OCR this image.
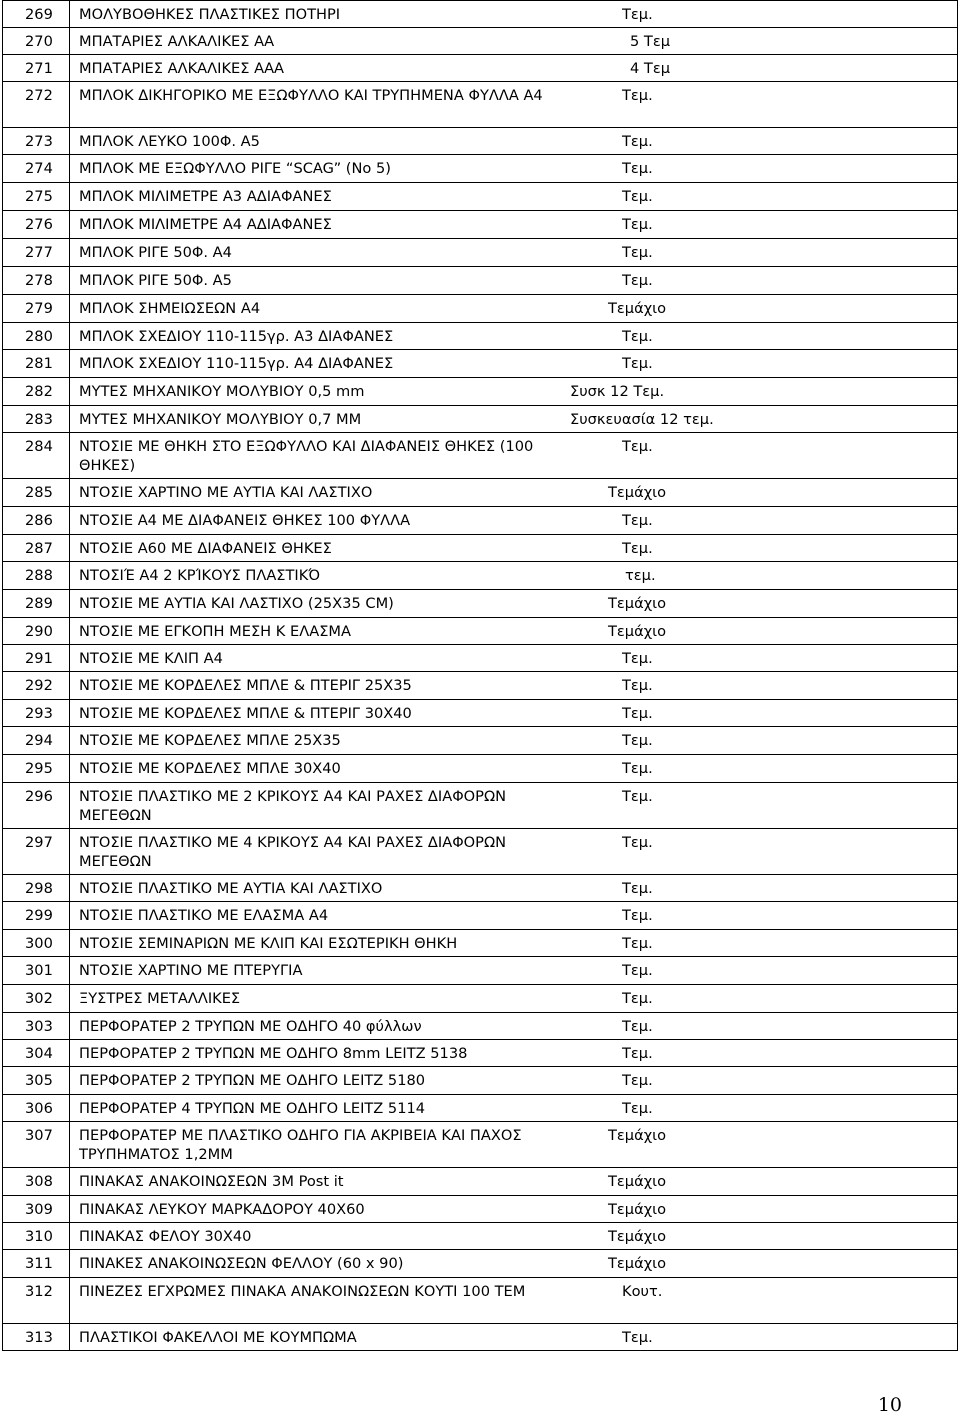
269	ΜΟΛΥΒΟΘΗΚΕΣ ΠΛΑΣΤΙΚΕΣ ΠΟΤΗΡΙ Τεμ.

270	ΜΠΑΤΑΡΙΕΣ ΑΛΚΑΛΙΚΕΣ ΑΑ 5 Τεμ

271	ΜΠΑΤΑΡΙΕΣ ΑΛΚΑΛΙΚΕΣ ΑΑΑ 4 Τεμ

272	ΜΠΛΟΚ ΔΙΚΗΓΟΡΙΚΟ ΜΕ ΕΞΩΦΥΛΛΟ ΚΑΙ ΤΡΥΠΗΜΕΝΑ ΦΥΛΛΑ Α4 Τεμ.

273	ΜΠΛΟΚ ΛΕΥΚΟ 100Φ. Α5 Τεμ.

274	ΜΠΛΟΚ ΜΕ ΕΞΩΦΥΛΛΟ ΡΙΓΕ “SCAG” (Νο 5) Τεμ.

275	ΜΠΛΟΚ ΜΙΛΙΜΕΤΡΕ Α3 ΑΔΙΑΦΑΝΕΣ Τεμ.

276	ΜΠΛΟΚ ΜΙΛΙΜΕΤΡΕ Α4 ΑΔΙΑΦΑΝΕΣ Τεμ.

277	ΜΠΛΟΚ ΡΙΓΕ 50Φ. Α4 Τεμ.

278	ΜΠΛΟΚ ΡΙΓΕ 50Φ. Α5 Τεμ.

279	ΜΠΛΟΚ ΣΗΜΕΙΩΣΕΩΝ Α4 Τεμάχιο

280	ΜΠΛΟΚ ΣΧΕΔΙΟΥ 110-115γρ. Α3 ΔΙΑΦΑΝΕΣ Τεμ.

281	ΜΠΛΟΚ ΣΧΕΔΙΟΥ 110-115γρ. Α4 ΔΙΑΦΑΝΕΣ Τεμ.

282	ΜΥΤΕΣ ΜΗΧΑΝΙΚΟΥ ΜΟΛΥΒΙΟΥ 0,5 mm Συσκ 12 Τεμ.

283	ΜΥΤΕΣ ΜΗΧΑΝΙΚΟΥ ΜΟΛΥΒΙΟΥ 0,7 ΜΜ Συσκευασία 12 τεμ.

284	ΝΤΟΣΙΕ ΜΕ ΘΗΚΗ ΣΤΟ ΕΞΩΦΥΛΛΟ ΚΑΙ ΔΙΑΦΑΝΕΙΣ ΘΗΚΕΣ (100 ΘΗΚΕΣ)
Τεμ.

285	ΝΤΟΣΙΕ ΧΑΡΤΙΝΟ ΜΕ ΑΥΤΙΑ ΚΑΙ ΛΑΣΤΙΧΟ Τεμάχιο

286	ΝΤΟΣΙΕ Α4 ΜΕ ΔΙΑΦΑΝΕΙΣ ΘΗΚΕΣ 100 ΦΥΛΛΑ Τεμ.

287	ΝΤΟΣΙΕ Α60 ΜΕ ΔΙΑΦΑΝΕΙΣ ΘΗΚΕΣ Τεμ.

288	ΝΤΟΣΙΈ Α4 2 ΚΡΊΚΟΥΣ ΠΛΑΣΤΙΚΌ τεμ.

289	ΝΤΟΣΙΕ ΜΕ ΑΥΤΙΑ ΚΑΙ ΛΑΣΤΙΧΟ (25Χ35 CM) Τεμάχιο

290	ΝΤΟΣΙΕ ΜΕ ΕΓΚΟΠΗ ΜΕΣΗ Κ ΕΛΑΣΜΑ Τεμάχιο

291	ΝΤΟΣΙΕ ΜΕ ΚΛΙΠ Α4 Τεμ.

292	ΝΤΟΣΙΕ ΜΕ ΚΟΡΔΕΛΕΣ ΜΠΛΕ & ΠΤΕΡΙΓ 25Χ35 Τεμ.

293	ΝΤΟΣΙΕ ΜΕ ΚΟΡΔΕΛΕΣ ΜΠΛΕ & ΠΤΕΡΙΓ 30Χ40 Τεμ.

294	ΝΤΟΣΙΕ ΜΕ ΚΟΡΔΕΛΕΣ ΜΠΛΕ 25Χ35 Τεμ.

295	ΝΤΟΣΙΕ ΜΕ ΚΟΡΔΕΛΕΣ ΜΠΛΕ 30Χ40 Τεμ.

296	ΝΤΟΣΙΕ ΠΛΑΣΤΙΚΟ ΜΕ 2 ΚΡΙΚΟΥΣ Α4 ΚΑΙ ΡΑΧΕΣ ΔΙΑΦΟΡΩΝ ΜΕΓΕΘΩΝ
Τεμ.

297	ΝΤΟΣΙΕ ΠΛΑΣΤΙΚΟ ΜΕ 4 ΚΡΙΚΟΥΣ Α4 ΚΑΙ ΡΑΧΕΣ ΔΙΑΦΟΡΩΝ ΜΕΓΕΘΩΝ
Τεμ.

298	ΝΤΟΣΙΕ ΠΛΑΣΤΙΚΟ ΜΕ ΑΥΤΙΑ ΚΑΙ ΛΑΣΤΙΧΟ Τεμ.

299	ΝΤΟΣΙΕ ΠΛΑΣΤΙΚΟ ΜΕ ΕΛΑΣΜΑ Α4 Τεμ.

300	ΝΤΟΣΙΕ ΣΕΜΙΝΑΡΙΩΝ ΜΕ ΚΛΙΠ ΚΑΙ ΕΣΩΤΕΡΙΚΗ ΘΗΚΗ Τεμ.

301	ΝΤΟΣΙΕ ΧΑΡΤΙΝΟ ΜΕ ΠΤΕΡΥΓΙΑ Τεμ.

302	ΞΥΣΤΡΕΣ ΜΕΤΑΛΛΙΚΕΣ Τεμ.

303	ΠΕΡΦΟΡΑΤΕΡ 2 ΤΡΥΠΩΝ ΜΕ ΟΔΗΓΟ 40 φύλλων Τεμ.

304	ΠΕΡΦΟΡΑΤΕΡ 2 ΤΡΥΠΩΝ ΜΕ ΟΔΗΓΟ 8mm LEITZ 5138 Τεμ.

305	ΠΕΡΦΟΡΑΤΕΡ 2 ΤΡΥΠΩΝ ΜΕ ΟΔΗΓΟ LEITZ 5180 Τεμ.

306	ΠΕΡΦΟΡΑΤΕΡ 4 ΤΡΥΠΩΝ ΜΕ ΟΔΗΓΟ LEITZ 5114 Τεμ.

307	ΠΕΡΦΟΡΑΤΕΡ ΜΕ ΠΛΑΣΤΙΚΟ ΟΔΗΓΟ ΓΙΑ ΑΚΡΙΒΕΙΑ ΚΑΙ ΠΑΧΟΣ ΤΡΥΠΗΜΑΤΟΣ 1,2ΜΜ
Τεμάχιο

308	ΠΙΝΑΚΑΣ ΑΝΑΚΟΙΝΩΣΕΩΝ 3Μ Post it Τεμάχιο

309	ΠΙΝΑΚΑΣ ΛΕΥΚΟΥ ΜΑΡΚΑΔΟΡΟΥ 40Χ60 Τεμάχιο

310	ΠΙΝΑΚΑΣ ΦΕΛΟΥ 30Χ40 Τεμάχιο

311	ΠΙΝΑΚΕΣ ΑΝΑΚΟΙΝΩΣΕΩΝ ΦΕΛΛΟΥ (60 x 90) Τεμάχιο

312	ΠΙΝΕΖΕΣ ΕΓΧΡΩΜΕΣ ΠΙΝΑΚΑ ΑΝΑΚΟΙΝΩΣΕΩΝ ΚΟΥΤΙ 100 ΤΕΜ Κουτ.

313	ΠΛΑΣΤΙΚΟΙ ΦΑΚΕΛΛΟΙ ΜΕ ΚΟΥΜΠΩΜΑ Τεμ.
10
